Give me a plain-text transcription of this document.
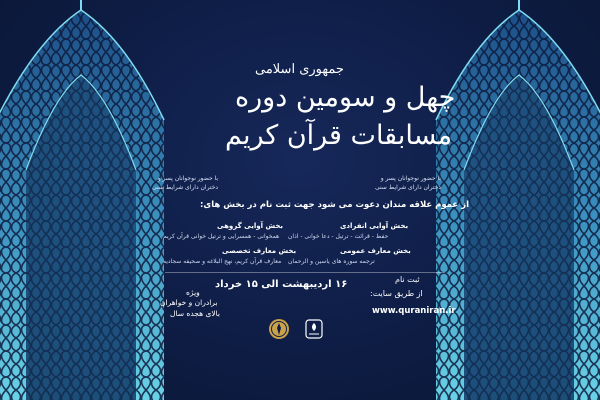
جمهوری اسلامی
چهل و سومین دوره
مسابقات قرآن کریم
با حضور نوجوانان پسر و
دختران دارای شرایط سنی
با حضور نوجوانان پسر و
دختران دارای شرایط سنی
از عموم علاقه مندان دعوت می شود جهت ثبت نام در بخش های:
بخش آوایی انفرادی
حفظ - قرائت - ترتیل - دعا خوانی - اذان
بخش آوایی گروهی
همخوانی - همسرایی و ترتیل خوانی قرآن کریم
بخش معارف عمومی
ترجمه سوره های یاسین و الرحمان
بخش معارف تخصصی
معارف قرآن کریم، نهج البلاغه و صحیفه سجادیه
۱۶ اردیبهشت الی ۱۵ خرداد	ثبت نام
از طریق سایت:
www.quraniran.ir
ویژه
برادران و خواهران
بالای هجده سال
